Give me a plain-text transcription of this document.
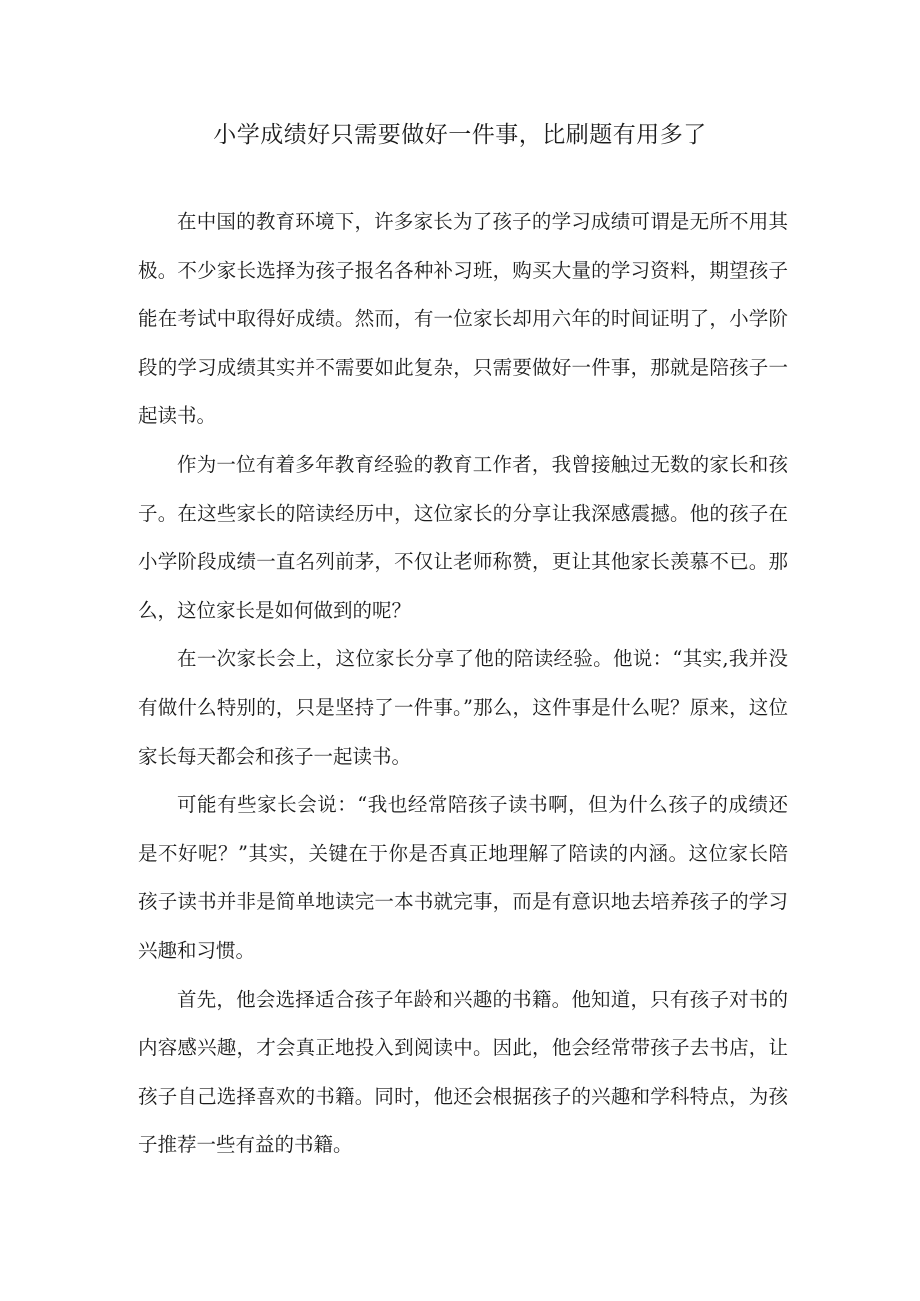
小学成绩好只需要做好一件事，比刷题有用多了

在中国的教育环境下，许多家长为了孩子的学习成绩可谓是无所不用其极。不少家长选择为孩子报名各种补习班，购买大量的学习资料，期望孩子能在考试中取得好成绩。然而，有一位家长却用六年的时间证明了，小学阶段的学习成绩其实并不需要如此复杂，只需要做好一件事，那就是陪孩子一起读书。

作为一位有着多年教育经验的教育工作者，我曾接触过无数的家长和孩子。在这些家长的陪读经历中，这位家长的分享让我深感震撼。他的孩子在小学阶段成绩一直名列前茅，不仅让老师称赞，更让其他家长羡慕不已。那么，这位家长是如何做到的呢？

在一次家长会上，这位家长分享了他的陪读经验。他说：“其实,我并没有做什么特别的，只是坚持了一件事。”那么，这件事是什么呢？原来，这位家长每天都会和孩子一起读书。

可能有些家长会说：“我也经常陪孩子读书啊，但为什么孩子的成绩还是不好呢？”其实，关键在于你是否真正地理解了陪读的内涵。这位家长陪孩子读书并非是简单地读完一本书就完事，而是有意识地去培养孩子的学习兴趣和习惯。

首先，他会选择适合孩子年龄和兴趣的书籍。他知道，只有孩子对书的内容感兴趣，才会真正地投入到阅读中。因此，他会经常带孩子去书店，让孩子自己选择喜欢的书籍。同时，他还会根据孩子的兴趣和学科特点，为孩子推荐一些有益的书籍。
